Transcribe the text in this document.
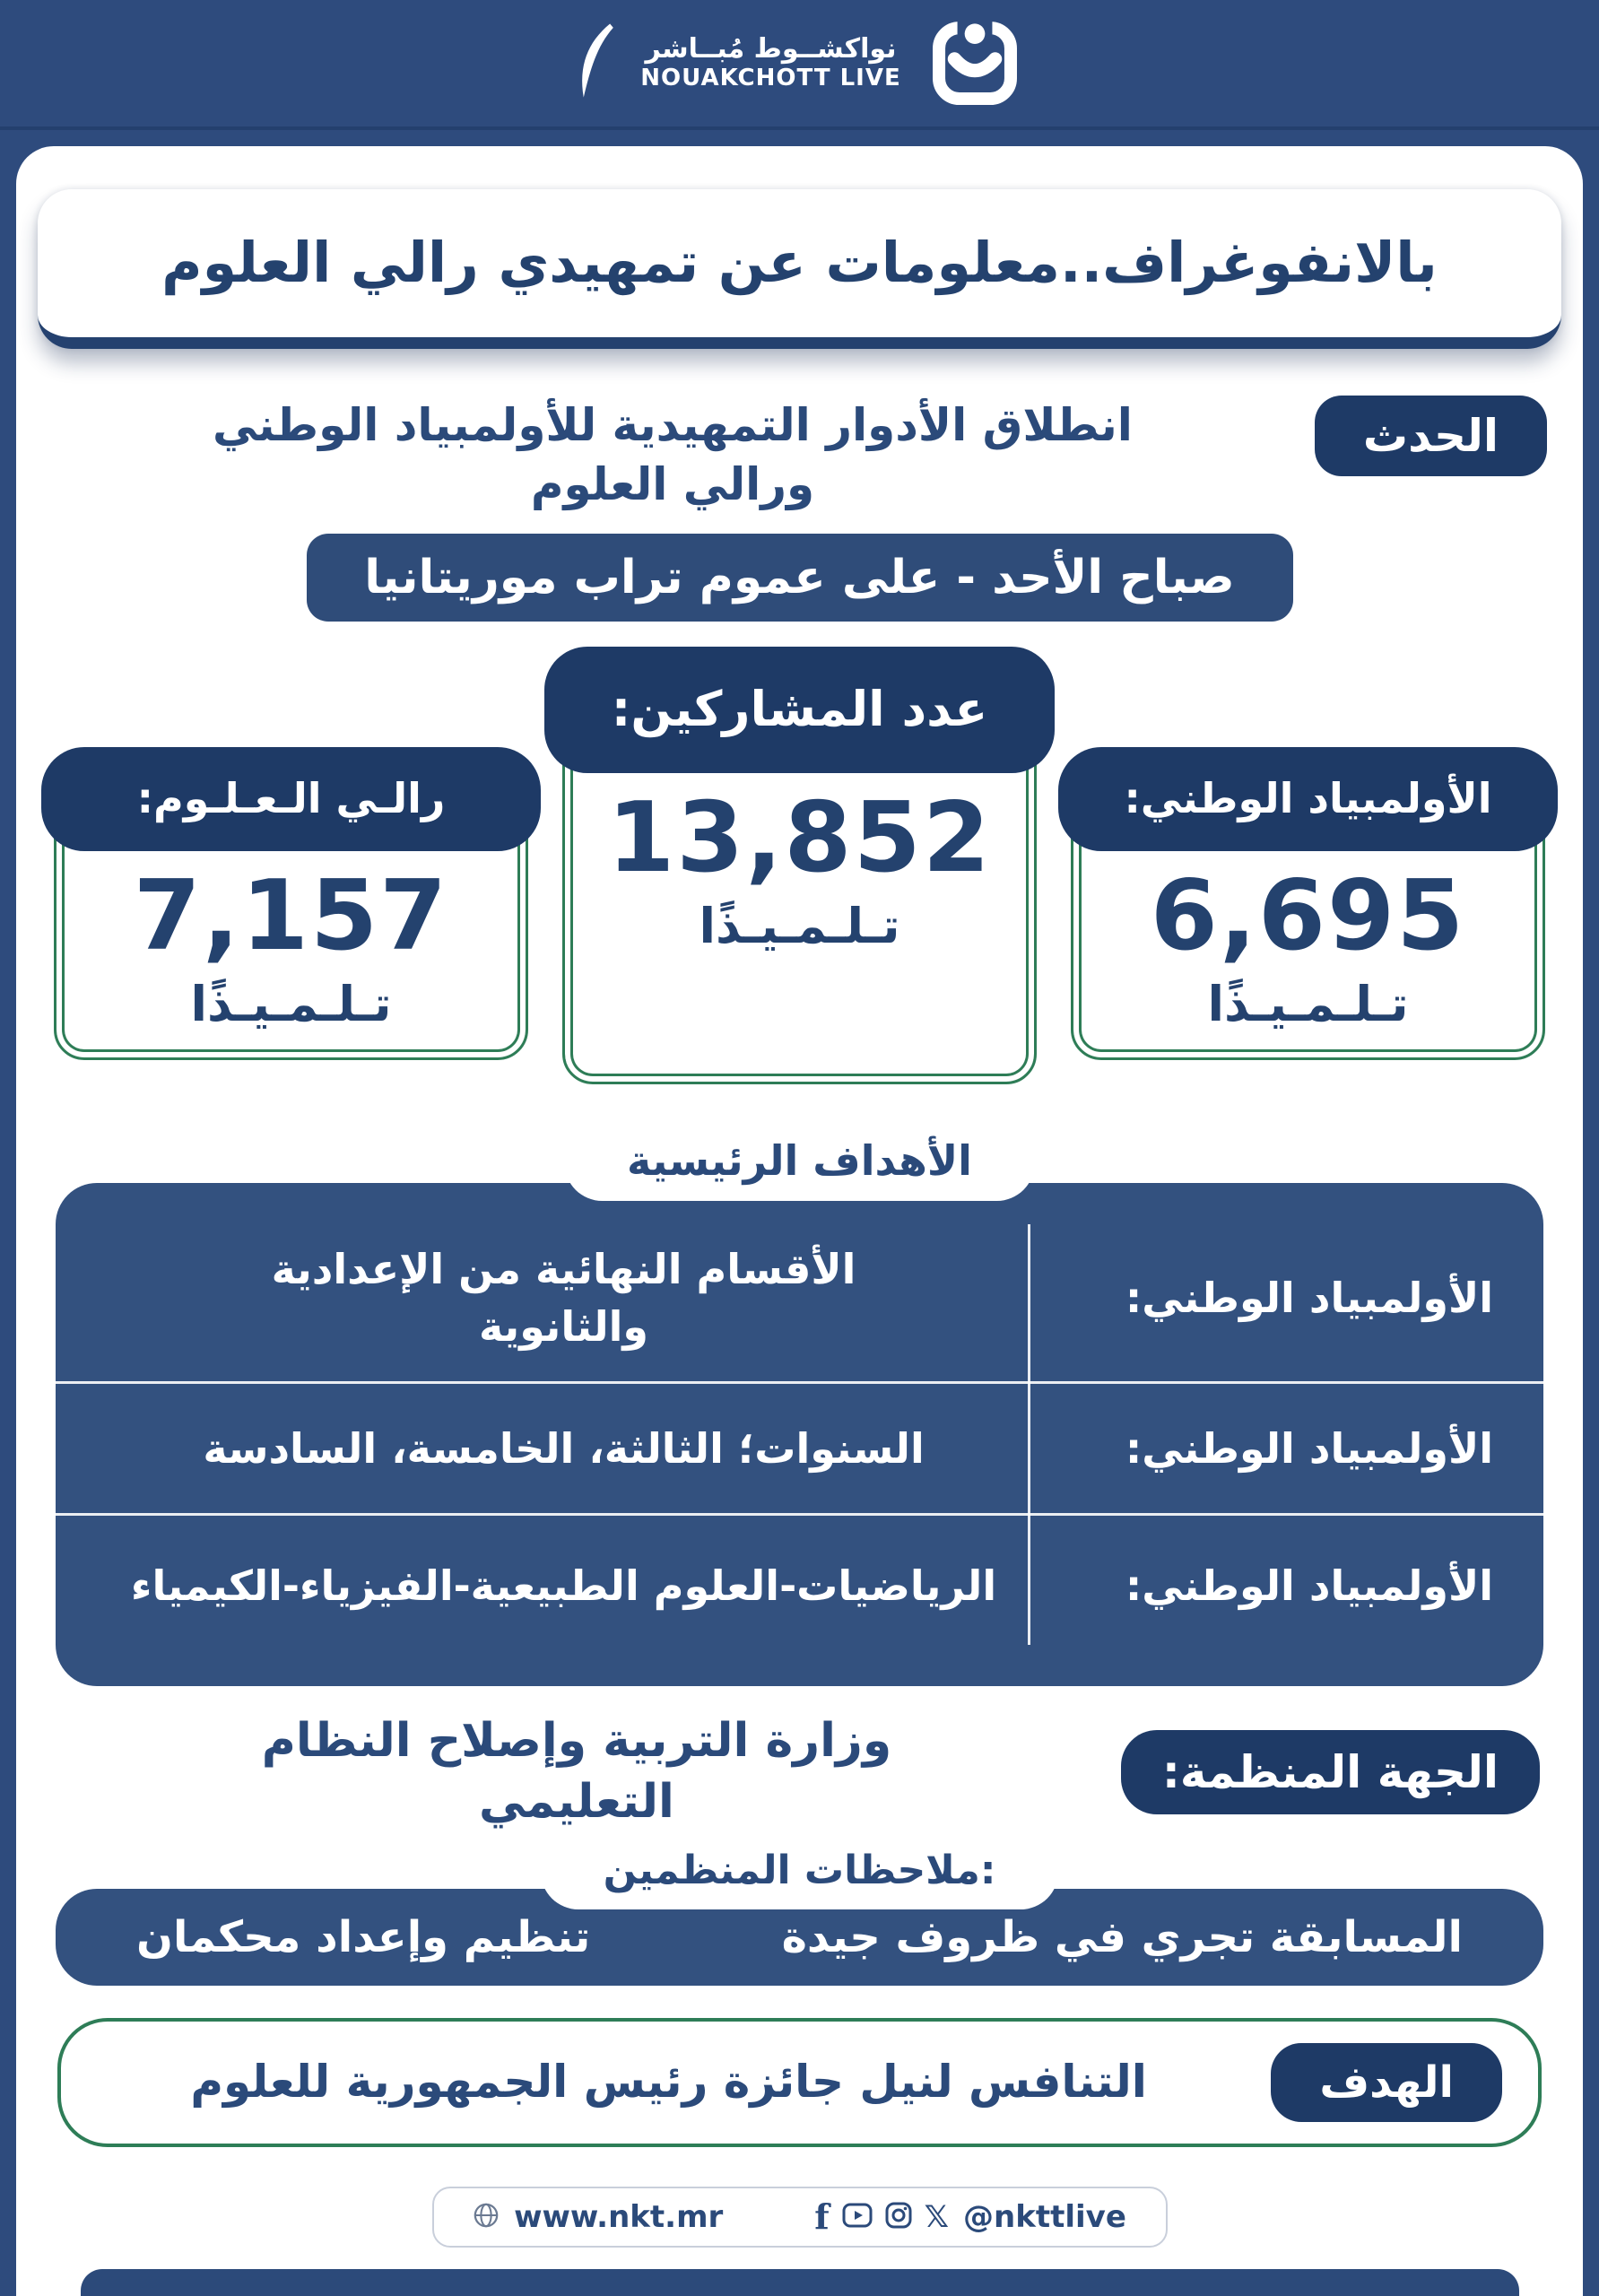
نواكشــوط مُبــاشر
NOUAKCHOTT LIVE
بالانفوغراف..معلومات عن تمهيدي رالي العلوم
الحدث
انطلاق الأدوار التمهيدية للأولمبياد الوطني ورالي العلوم
صباح الأحد - على عموم تراب موريتانيا
الأولمبياد الوطني:
6,695
تـلـمـيـذًا
عدد المشاركين:
13,852
تـلـمـيـذًا
رالـي الـعـلـوم:
7,157
تـلـمـيـذًا
الأهداف الرئيسية
الأولمبياد الوطني:
الأقسام النهائية من الإعدادية والثانوية
الأولمبياد الوطني:
السنوات؛ الثالثة، الخامسة، السادسة
الأولمبياد الوطني:
الرياضيات-العلوم الطبيعية-الفيزياء-الكيمياء
الجهة المنظمة:
وزارة التربية وإصلاح النظام التعليمي
ملاحظات المنظمين:
المسابقة تجري في ظروف جيدة
تنظيم وإعداد محكمان
الهدف
التنافس لنيل جائزة رئيس الجمهورية للعلوم
www.nkt.mr	f	𝕏 @nkttlive
